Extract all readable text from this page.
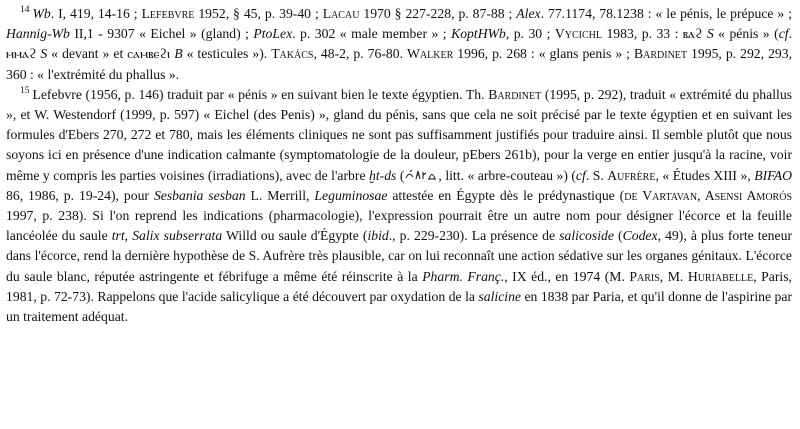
$^{14}$ Wb. I, 419, 14-16 ; Lefebvre 1952, § 45, p. 39-40 ; Lacau 1970 § 227-228, p. 87-88 ; Alex. 77.1174, 78.1238 : « le pénis, le prépuce » ; Hannig-Wb II,1 - 9307 « Eichel » (gland) ; PtoLex. p. 302 « male member » ; KoptHWb, p. 30 ; Vycichl 1983, p. 33 : ⲃⲁϩ S « pénis » (cf. ⲙⲙⲁϩ S « devant » et ⲥⲁⲙⲃⲉϩⲓ B « testicules »). Takács, 48-2, p. 76-80. Walker 1996, p. 268 : « glans penis » ; Bardinet 1995, p. 292, 293, 360 : « l'extrémité du phallus ».

$^{15}$ Lefebvre (1956, p. 146) traduit par « pénis » en suivant bien le texte égyptien. Th. Bardinet (1995, p. 292), traduit « extrémité du phallus », et W. Westendorf (1999, p. 597) « Eichel (des Penis) », gland du pénis, sans que cela ne soit précisé par le texte égyptien et en suivant les formules d'Ebers 270, 272 et 780, mais les éléments cliniques ne sont pas suffisamment justifiés pour traduire ainsi. Il semble plutôt que nous soyons ici en présence d'une indication calmante (symptomatologie de la douleur, pEbers 261b), pour la verge en entier jusqu'à la racine, voir même y compris les parties voisines (irradiations), avec de l'arbre ḫt-ds ( , litt. « arbre-couteau ») (cf. S. Aufrère, « Études XIII », BIFAO 86, 1986, p. 19-24), pour Sesbania sesban L. Merrill, Leguminosae attestée en Égypte dès le prédynastique (de Vartavan, Asensi Amorós 1997, p. 238). Si l'on reprend les indications (pharmacologie), l'expression pourrait être un autre nom pour désigner l'écorce et la feuille lancéolée du saule trt, Salix subserrata Willd ou saule d'Égypte (ibid., p. 229-230). La présence de salicoside (Codex, 49), à plus forte teneur dans l'écorce, rend la dernière hypothèse de S. Aufrère très plausible, car on lui reconnaît une action sédative sur les organes génitaux. L'écorce du saule blanc, réputée astringente et fébrifuge a même été réinscrite à la Pharm. Franç., IX éd., en 1974 (M. Paris, M. Huriabelle, Paris, 1981, p. 72-73). Rappelons que l'acide salicylique a été découvert par oxydation de la salicine en 1838 par Paria, et qu'il donne de l'aspirine par un traitement adéquat.
